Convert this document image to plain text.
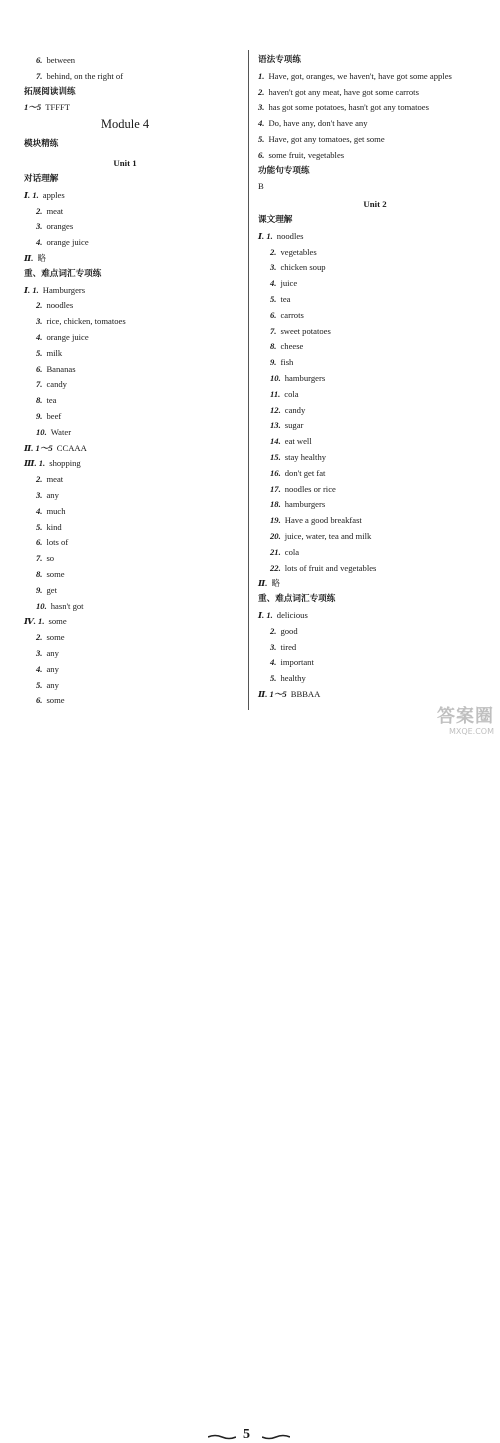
6. between
7. behind, on the right of
拓展阅读训练
1～5 TFFFT
Module 4
模块精练
Unit 1
对话理解
Ⅰ. 1. apples
2. meat
3. oranges
4. orange juice
Ⅱ. 略
重、难点词汇专项练
Ⅰ. 1. Hamburgers
2. noodles
3. rice, chicken, tomatoes
4. orange juice
5. milk
6. Bananas
7. candy
8. tea
9. beef
10. Water
Ⅱ. 1～5 CCAAA
Ⅲ. 1. shopping
2. meat
3. any
4. much
5. kind
6. lots of
7. so
8. some
9. get
10. hasn't got
Ⅳ. 1. some
2. some
3. any
4. any
5. any
6. some
语法专项练
1. Have, got, oranges, we haven't, have got some apples
2. haven't got any meat, have got some carrots
3. has got some potatoes, hasn't got any tomatoes
4. Do, have any, don't have any
5. Have, got any tomatoes, get some
6. some fruit, vegetables
功能句专项练
B
Unit 2
课文理解
Ⅰ. 1. noodles
2. vegetables
3. chicken soup
4. juice
5. tea
6. carrots
7. sweet potatoes
8. cheese
9. fish
10. hamburgers
11. cola
12. candy
13. sugar
14. eat well
15. stay healthy
16. don't get fat
17. noodles or rice
18. hamburgers
19. Have a good breakfast
20. juice, water, tea and milk
21. cola
22. lots of fruit and vegetables
Ⅱ. 略
重、难点词汇专项练
Ⅰ. 1. delicious
2. good
3. tired
4. important
5. healthy
Ⅱ. 1～5 BBBAA
5
答案圈
MXQE.COM
